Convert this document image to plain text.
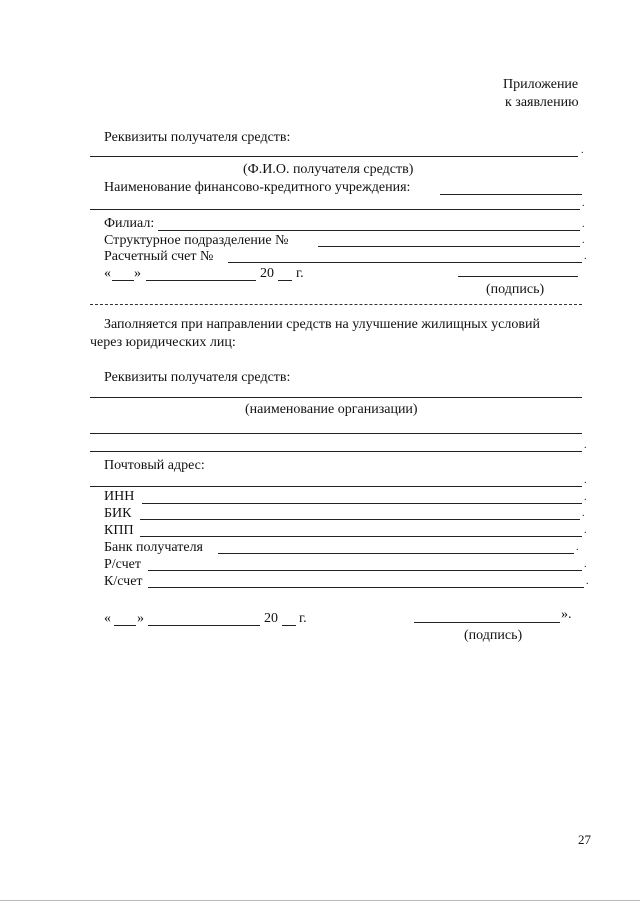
Приложение
к заявлению
Реквизиты получателя средств:
.
(Ф.И.О. получателя средств)
Наименование финансово-кредитного учреждения:
.
Филиал:	.
Структурное подразделение №	.
Расчетный счет №	.
« »	20 г.
(подпись)
Заполняется при направлении средств на улучшение жилищных условий
через юридических лиц:
Реквизиты получателя средств:
(наименование организации)
.
Почтовый адрес:
.
ИНН	.
БИК	.
КПП	.
Банк получателя	.
Р/счет	.
К/счет	.
« »	20 г.	».
(подпись)
27
